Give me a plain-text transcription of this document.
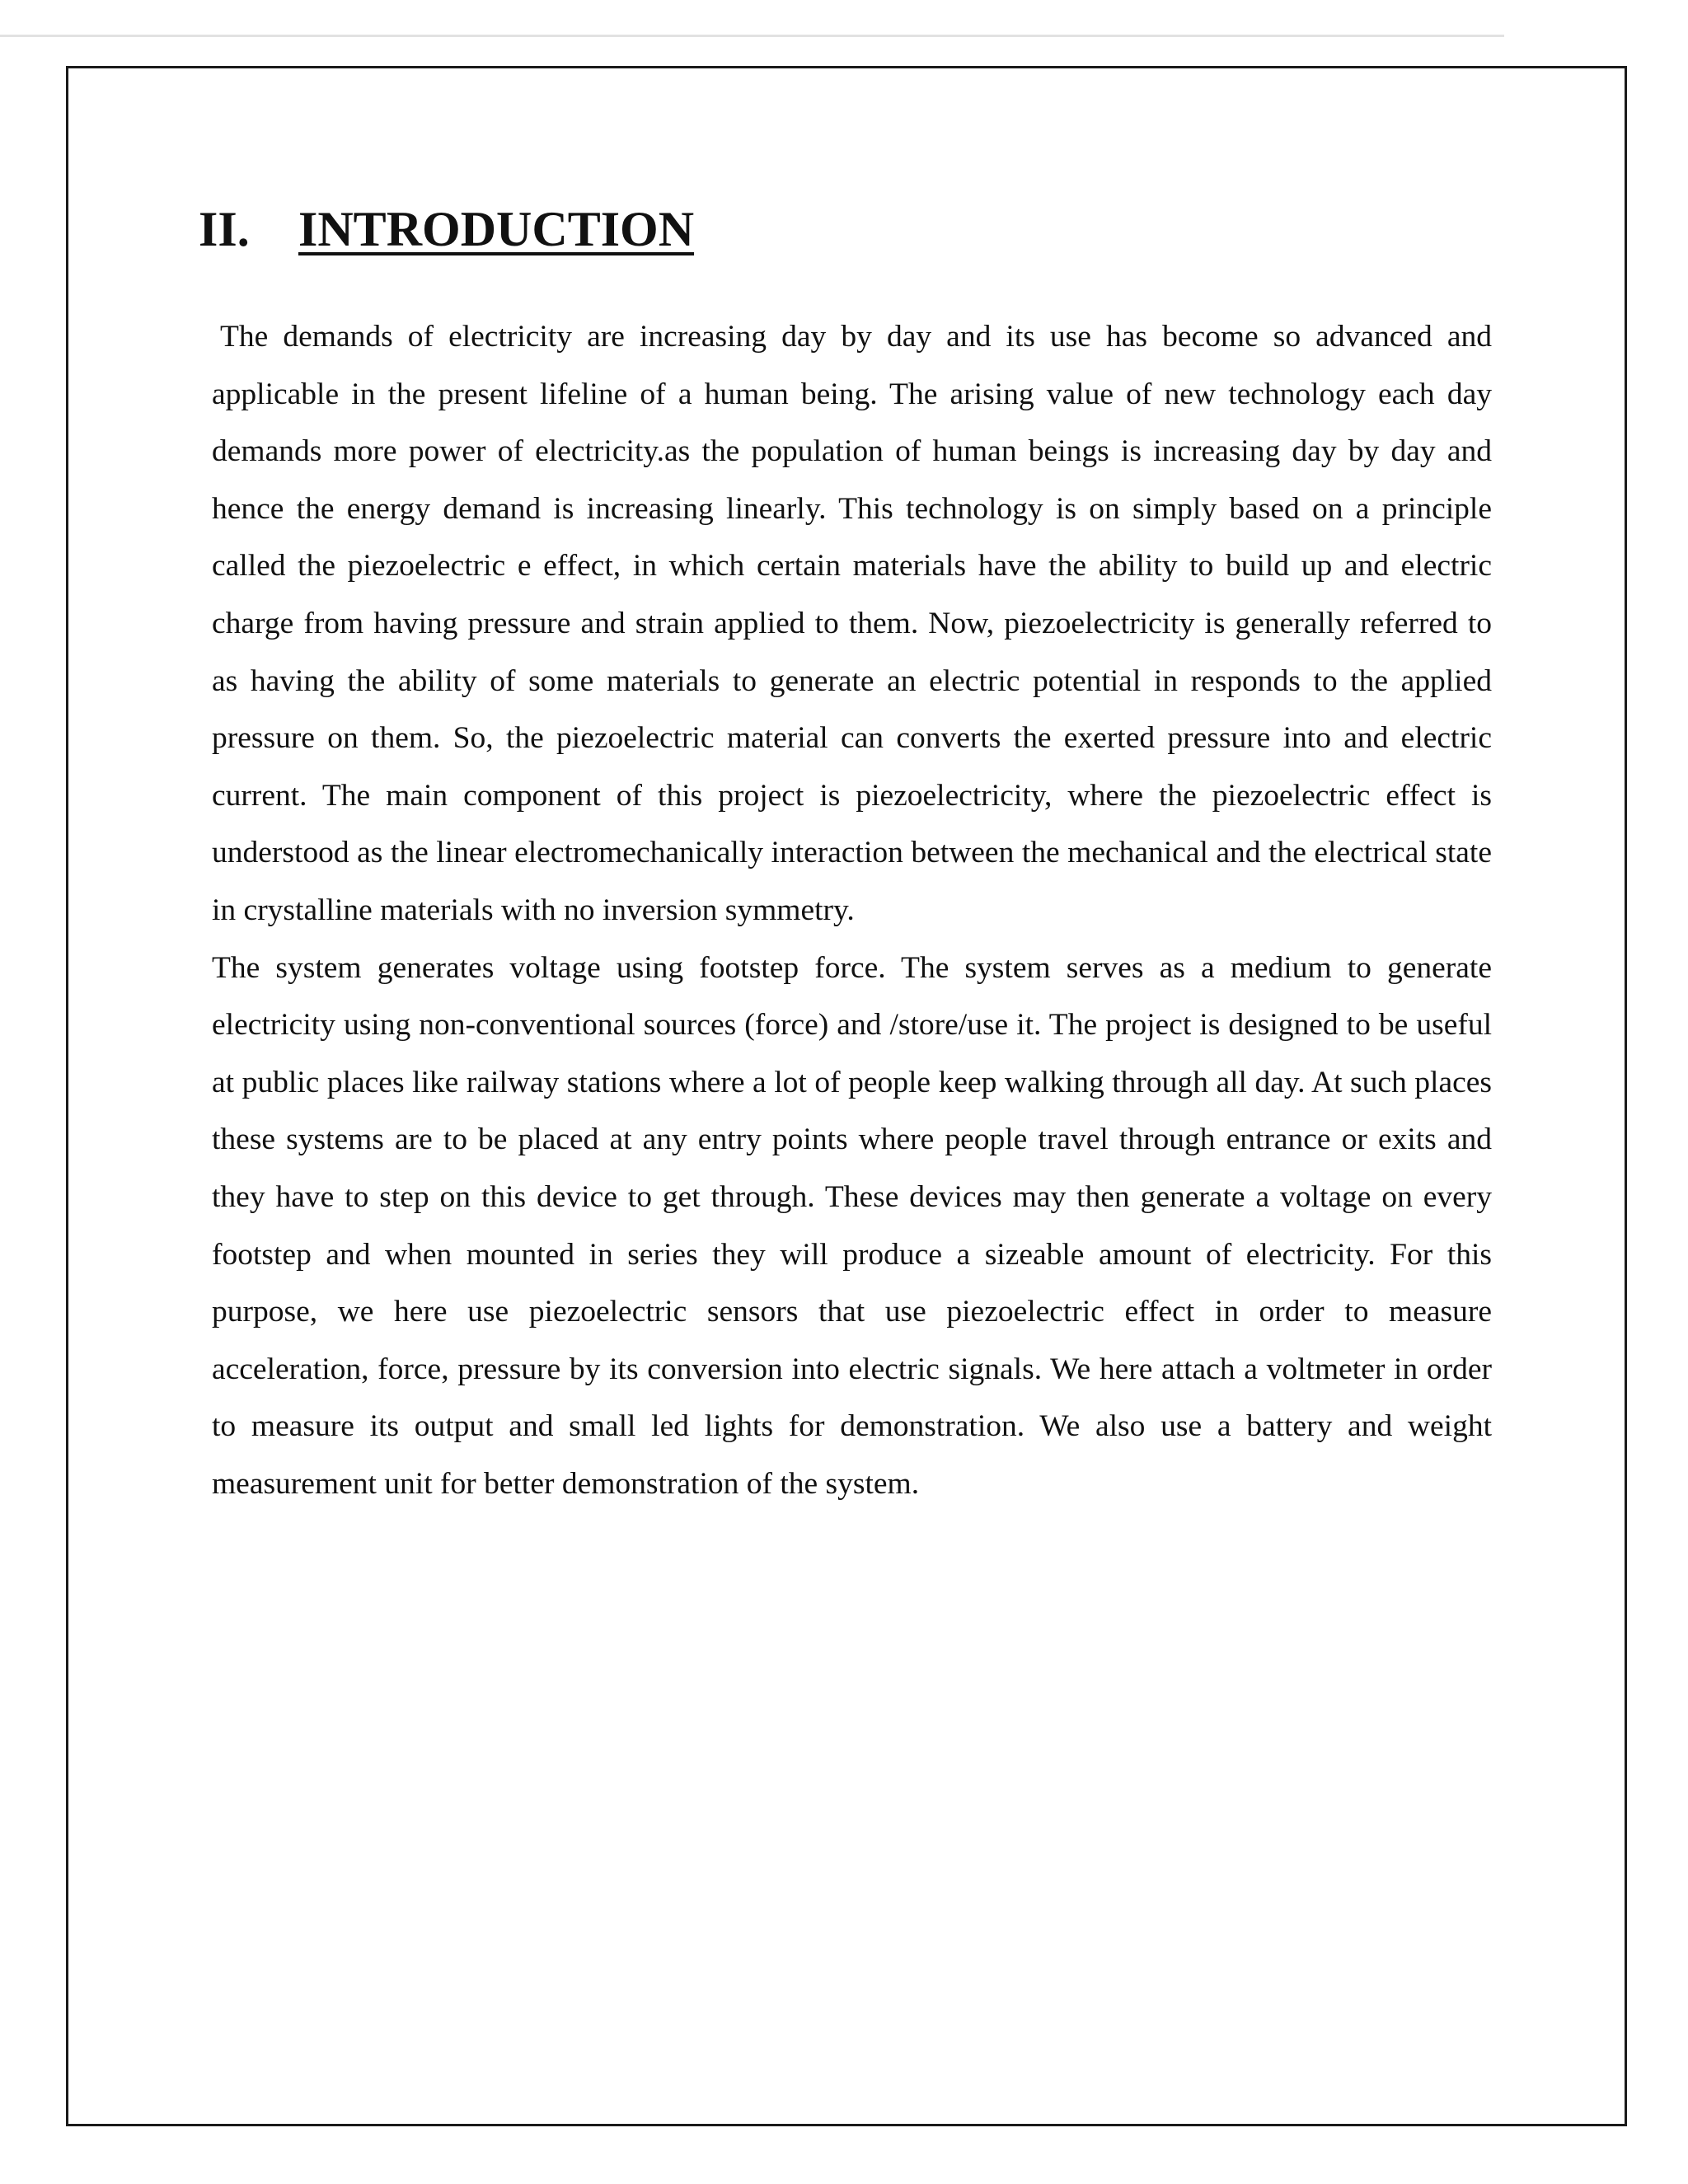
II. INTRODUCTION

The demands of electricity are increasing day by day and its use has become so advanced and applicable in the present lifeline of a human being. The arising value of new technology each day demands more power of electricity.as the population of human beings is increasing day by day and hence the energy demand is increasing linearly. This technology is on simply based on a principle called the piezoelectric e effect, in which certain materials have the ability to build up and electric charge from having pressure and strain applied to them. Now, piezoelectricity is generally referred to as having the ability of some materials to generate an electric potential in responds to the applied pressure on them. So, the piezoelectric material can converts the exerted pressure into and electric current. The main component of this project is piezoelectricity, where the piezoelectric effect is understood as the linear electromechanically interaction between the mechanical and the electrical state in crystalline materials with no inversion symmetry.

The system generates voltage using footstep force. The system serves as a medium to generate electricity using non-conventional sources (force) and /store/use it. The project is designed to be useful at public places like railway stations where a lot of people keep walking through all day. At such places these systems are to be placed at any entry points where people travel through entrance or exits and they have to step on this device to get through. These devices may then generate a voltage on every footstep and when mounted in series they will produce a sizeable amount of electricity. For this purpose, we here use piezoelectric sensors that use piezoelectric effect in order to measure acceleration, force, pressure by its conversion into electric signals. We here attach a voltmeter in order to measure its output and small led lights for demonstration. We also use a battery and weight measurement unit for better demonstration of the system.
